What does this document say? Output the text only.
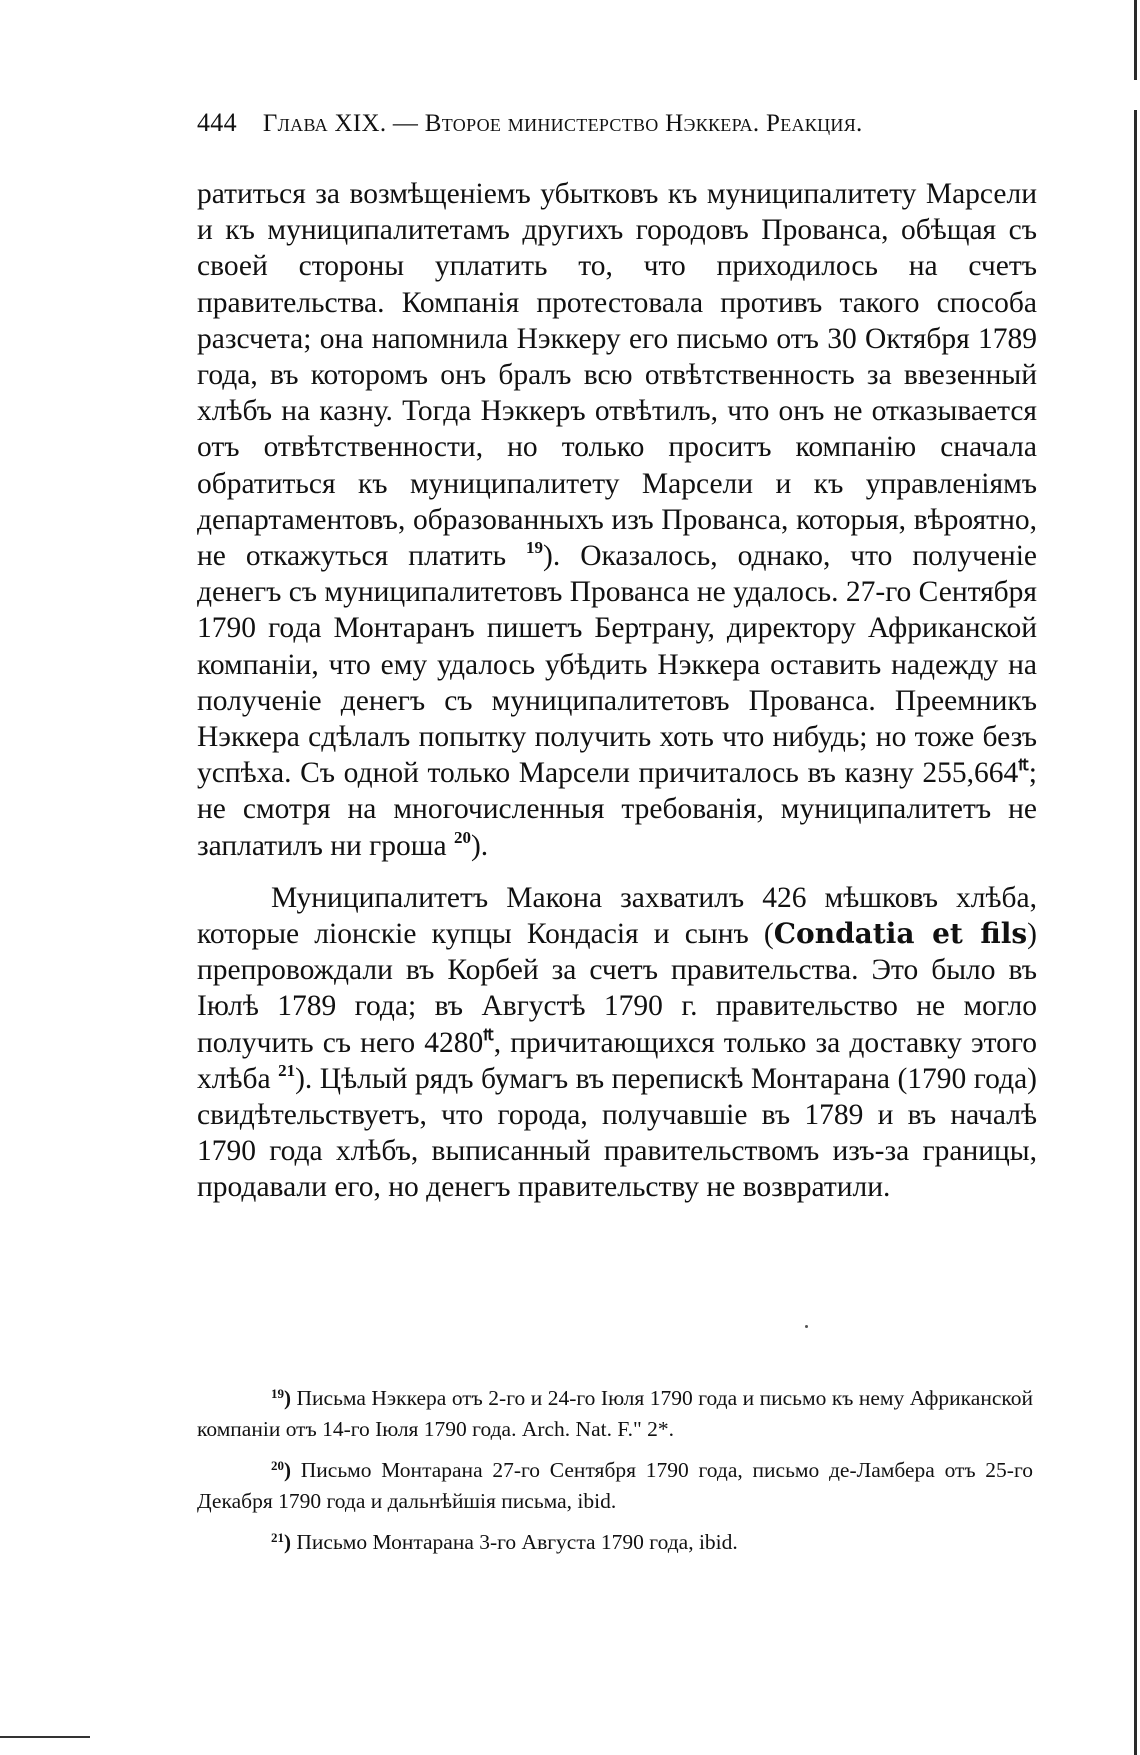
444 Глава XIX. — Второе министерство Нэккера. Реакция.

ратиться за возмѣщеніемъ убытковъ къ муниципалитету Марсели и къ муниципалитетамъ другихъ городовъ Прованса, обѣщая съ своей стороны уплатить то, что приходилось на счетъ правительства. Компанія протестовала противъ такого способа разсчета; она напомнила Нэккеру его письмо отъ 30 Октября 1789 года, въ которомъ онъ бралъ всю отвѣтственность за ввезенный хлѣбъ на казну. Тогда Нэккеръ отвѣтилъ, что онъ не отказывается отъ отвѣтственности, но только проситъ компанію сначала обратиться къ муниципалитету Марсели и къ управленіямъ департаментовъ, образованныхъ изъ Прованса, которыя, вѣроятно, не откажуться платить $^{19}$). Оказалось, однако, что полученіе денегъ съ муниципалитетовъ Прованса не удалось. 27-го Сентября 1790 года Монтаранъ пишетъ Бертрану, директору Африканской компаніи, что ему удалось убѣдить Нэккера оставить надежду на полученіе денегъ съ муниципалитетовъ Прованса. Преемникъ Нэккера сдѣлалъ попытку получить хоть что нибудь; но тоже безъ успѣха. Съ одной только Марсели причиталось въ казну 255,664₶; не смотря на многочисленныя требованія, муниципалитетъ не заплатилъ ни гроша $^{20}$).

Муниципалитетъ Макона захватилъ 426 мѣшковъ хлѣба, которые ліонскіе купцы Кондасія и сынъ (Condatia et fils) препровождали въ Корбей за счетъ правительства. Это было въ Іюлѣ 1789 года; въ Августѣ 1790 г. правительство не могло получить съ него 4280₶, причитающихся только за доставку этого хлѣба $^{21}$). Цѣлый рядъ бумагъ въ перепискѣ Монтарана (1790 года) свидѣтельствуетъ, что города, получавшіе въ 1789 и въ началѣ 1790 года хлѣбъ, выписанный правительствомъ изъ-за границы, продавали его, но денегъ правительству не возвратили.

$^{19}$) Письма Нэккера отъ 2-го и 24-го Іюля 1790 года и письмо къ нему Африканской компаніи отъ 14-го Іюля 1790 года. Arch. Nat. F." 2*.

$^{20}$) Письмо Монтарана 27-го Сентября 1790 года, письмо де-Ламбера отъ 25-го Декабря 1790 года и дальнѣйшія письма, ibid.

$^{21}$) Письмо Монтарана 3-го Августа 1790 года, ibid.
